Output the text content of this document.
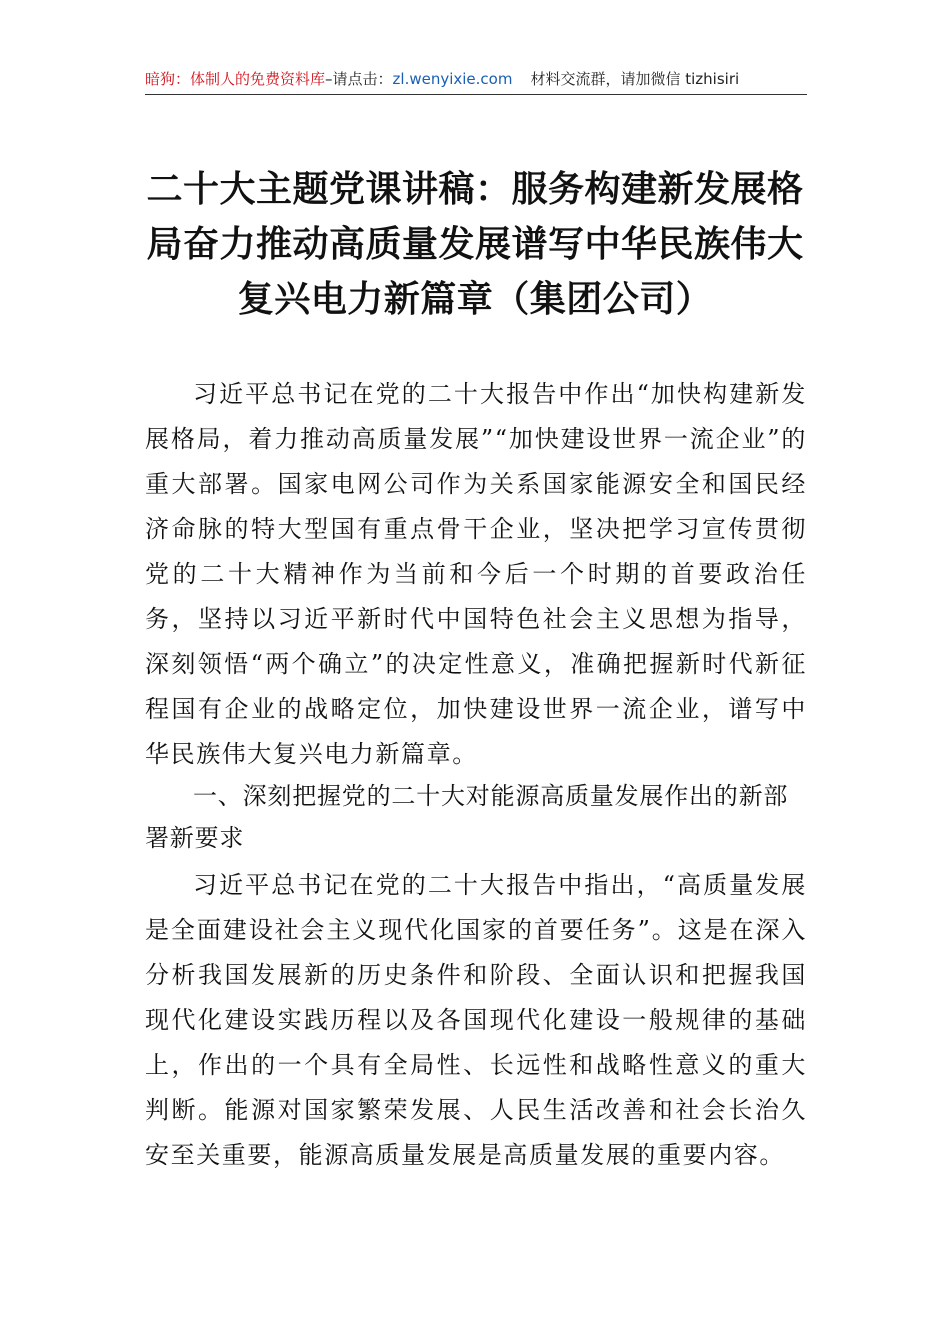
暗狗：体制人的免费资料库–请点击：zl.wenyixie.com 材料交流群，请加微信 tizhisiri
二十大主题党课讲稿：服务构建新发展格局奋力推动高质量发展谱写中华民族伟大复兴电力新篇章（集团公司）
习近平总书记在党的二十大报告中作出“加快构建新发展格局，着力推动高质量发展”“加快建设世界一流企业”的重大部署。国家电网公司作为关系国家能源安全和国民经济命脉的特大型国有重点骨干企业，坚决把学习宣传贯彻党的二十大精神作为当前和今后一个时期的首要政治任务，坚持以习近平新时代中国特色社会主义思想为指导，深刻领悟“两个确立”的决定性意义，准确把握新时代新征程国有企业的战略定位，加快建设世界一流企业，谱写中华民族伟大复兴电力新篇章。
一、深刻把握党的二十大对能源高质量发展作出的新部署新要求
习近平总书记在党的二十大报告中指出，“高质量发展是全面建设社会主义现代化国家的首要任务”。这是在深入分析我国发展新的历史条件和阶段、全面认识和把握我国现代化建设实践历程以及各国现代化建设一般规律的基础上，作出的一个具有全局性、长远性和战略性意义的重大判断。能源对国家繁荣发展、人民生活改善和社会长治久安至关重要，能源高质量发展是高质量发展的重要内容。
